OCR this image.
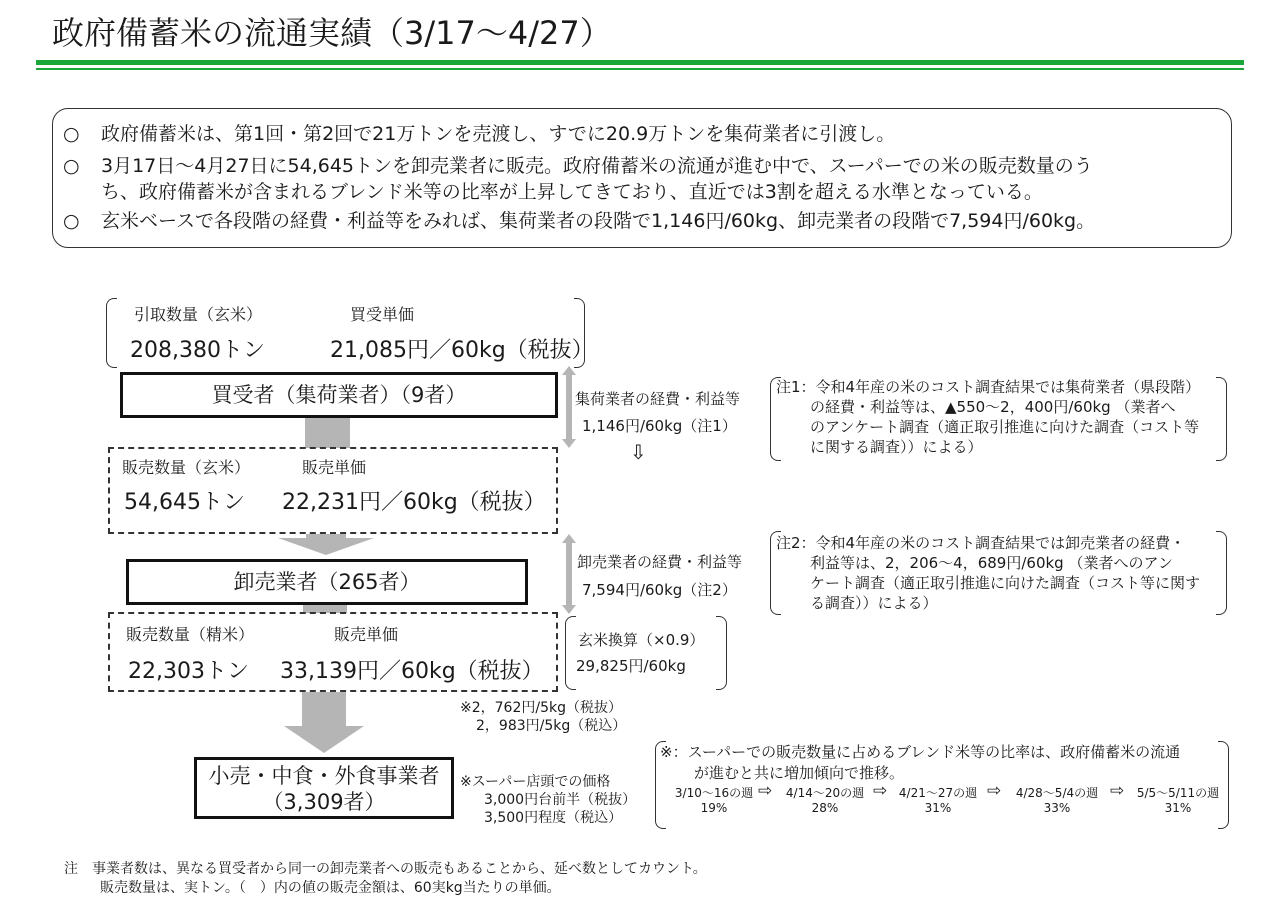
政府備蓄米の流通実績（3/17～4/27）
○ 政府備蓄米は、第1回・第2回で21万トンを売渡し、すでに20.9万トンを集荷業者に引渡し。
○ 3月17日～4月27日に54,645トンを卸売業者に販売。政府備蓄米の流通が進む中で、スーパーでの米の販売数量のう
ち、政府備蓄米が含まれるブレンド米等の比率が上昇してきており、直近では3割を超える水準となっている。
○ 玄米ベースで各段階の経費・利益等をみれば、集荷業者の段階で1,146円/60kg、卸売業者の段階で7,594円/60kg。
引取数量（玄米）	買受単価
208,380トン	21,085円／60kg（税抜）
買受者（集荷業者）（9者）
販売数量（玄米）	販売単価
54,645トン 22,231円／60kg（税抜）
卸売業者（265者）
販売数量（精米）	販売単価
22,303トン 33,139円／60kg（税抜）
小売・中食・外食事業者
（3,309者）
集荷業者の経費・利益等
1,146円/60kg（注1）
⇩
注1：令和4年産の米のコスト調査結果では集荷業者（県段階）
の経費・利益等は、▲550～2，400円/60kg （業者へ
のアンケート調査（適正取引推進に向けた調査（コスト等
に関する調査））による）
卸売業者の経費・利益等
7,594円/60kg（注2）
注2：令和4年産の米のコスト調査結果では卸売業者の経費・
利益等は、2，206～4，689円/60kg （業者へのアン
ケート調査（適正取引推進に向けた調査（コスト等に関す
る調査））による）
玄米換算（×0.9）
29,825円/60kg
※2，762円/5kg（税抜）
2，983円/5kg（税込）
※スーパー店頭での価格
3,000円台前半（税抜）
3,500円程度（税込）
※：スーパーでの販売数量に占めるブレンド米等の比率は、政府備蓄米の流通
が進むと共に増加傾向で推移。
3/10～16の週
19%
⇨	4/14～20の週
28%
⇨ 4/21～27の週
31%
⇨	4/28～5/4の週
33%
⇨	5/5～5/11の週
31%
注　事業者数は、異なる買受者から同一の卸売業者への販売もあることから、延べ数としてカウント。
販売数量は、実トン。（　）内の値の販売金額は、60実kg当たりの単価。
